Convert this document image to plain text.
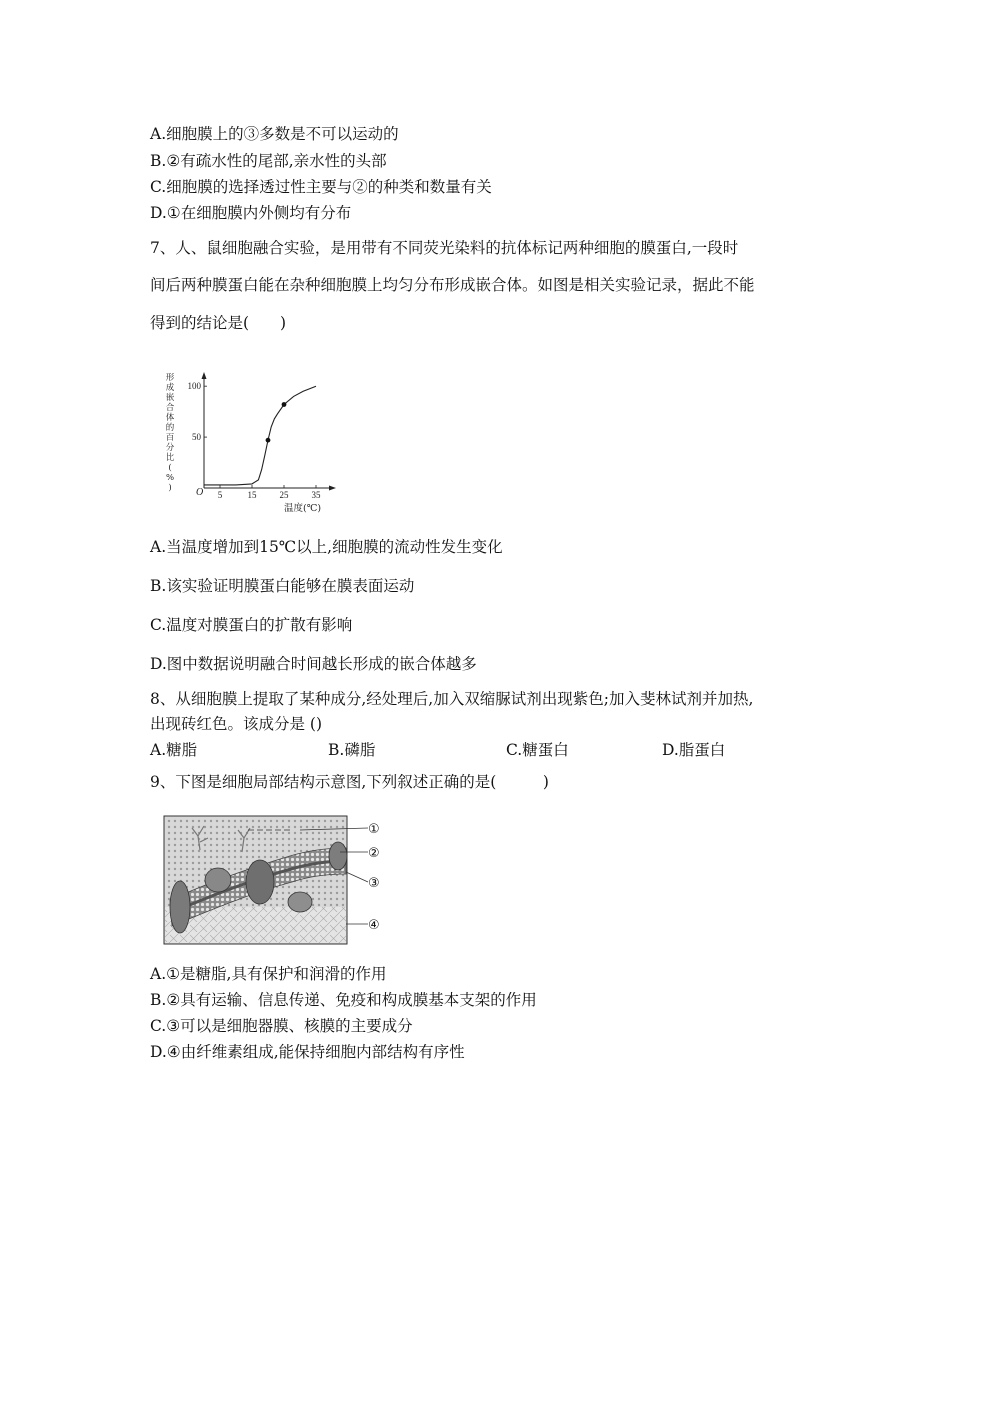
A.细胞膜上的③多数是不可以运动的
B.②有疏水性的尾部,亲水性的头部
C.细胞膜的选择透过性主要与②的种类和数量有关
D.①在细胞膜内外侧均有分布
7、人、鼠细胞融合实验，是用带有不同荧光染料的抗体标记两种细胞的膜蛋白,一段时
间后两种膜蛋白能在杂种细胞膜上均匀分布形成嵌合体。如图是相关实验记录，据此不能
得到的结论是(　　)
形
成
嵌
合
体
的
百
分
比
(
%
) O 5	15	25	35
50
100
温度(℃)
A.当温度增加到15℃以上,细胞膜的流动性发生变化
B.该实验证明膜蛋白能够在膜表面运动
C.温度对膜蛋白的扩散有影响
D.图中数据说明融合时间越长形成的嵌合体越多
8、从细胞膜上提取了某种成分,经处理后,加入双缩脲试剂出现紫色;加入斐林试剂并加热,
出现砖红色。该成分是 ()
A.糖脂	B.磷脂	C.糖蛋白	D.脂蛋白
9、下图是细胞局部结构示意图,下列叙述正确的是(　　　)
①
②
③
④
A.①是糖脂,具有保护和润滑的作用
B.②具有运输、信息传递、免疫和构成膜基本支架的作用
C.③可以是细胞器膜、核膜的主要成分
D.④由纤维素组成,能保持细胞内部结构有序性
